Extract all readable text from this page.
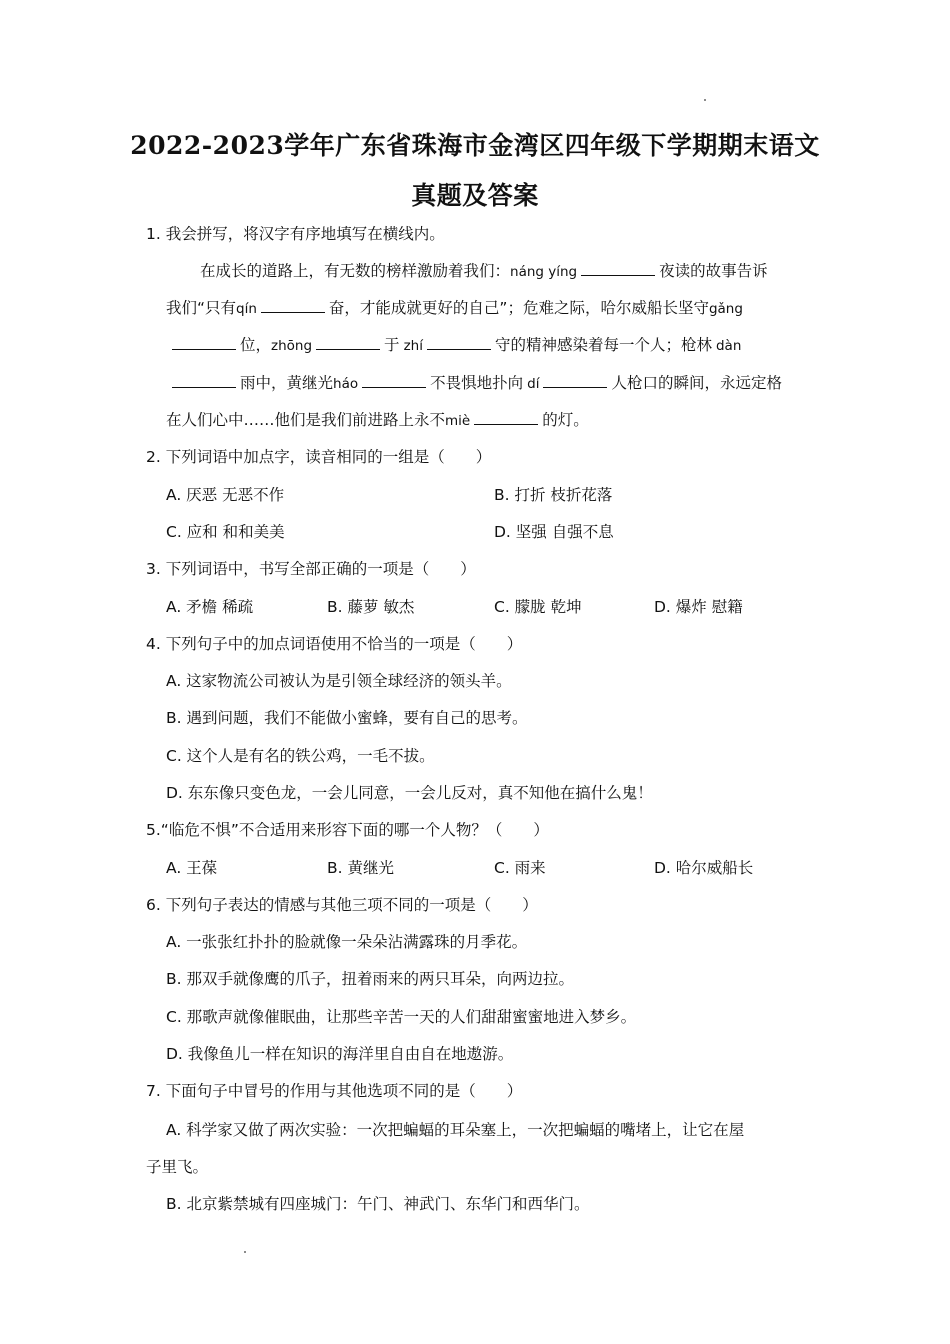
2022-2023学年广东省珠海市金湾区四年级下学期期末语文
真题及答案
1. 我会拼写，将汉字有序地填写在横线内。
在成长的道路上，有无数的榜样激励着我们：náng yíng	夜读的故事告诉
我们“只有qín	奋，才能成就更好的自己”；危难之际，哈尔威船长坚守gǎng
位，zhōng	于 zhí	守的精神感染着每一个人；枪林 dàn
雨中，黄继光háo	不畏惧地扑向 dí	人枪口的瞬间，永远定格
在人们心中……他们是我们前进路上永不miè	的灯。
2. 下列词语中加点字，读音相同的一组是（　　）
A. 厌恶 无恶不作	B. 打折 枝折花落
C. 应和 和和美美	D. 坚强 自强不息
3. 下列词语中，书写全部正确的一项是（　　）
A. 矛檐 稀疏	B. 藤萝 敏杰	C. 朦胧 乾坤	D. 爆炸 慰籍
4. 下列句子中的加点词语使用不恰当的一项是（　　）
A. 这家物流公司被认为是引领全球经济的领头羊。
B. 遇到问题，我们不能做小蜜蜂，要有自己的思考。
C. 这个人是有名的铁公鸡，一毛不拔。
D. 东东像只变色龙，一会儿同意，一会儿反对，真不知他在搞什么鬼！
5.“临危不惧”不合适用来形容下面的哪一个人物？（　　）
A. 王葆	B. 黄继光	C. 雨来	D. 哈尔威船长
6. 下列句子表达的情感与其他三项不同的一项是（　　）
A. 一张张红扑扑的脸就像一朵朵沾满露珠的月季花。
B. 那双手就像鹰的爪子，扭着雨来的两只耳朵，向两边拉。
C. 那歌声就像催眠曲，让那些辛苦一天的人们甜甜蜜蜜地进入梦乡。
D. 我像鱼儿一样在知识的海洋里自由自在地遨游。
7. 下面句子中冒号的作用与其他选项不同的是（　　）
A. 科学家又做了两次实验：一次把蝙蝠的耳朵塞上，一次把蝙蝠的嘴堵上，让它在屋
子里飞。
B. 北京紫禁城有四座城门：午门、神武门、东华门和西华门。
